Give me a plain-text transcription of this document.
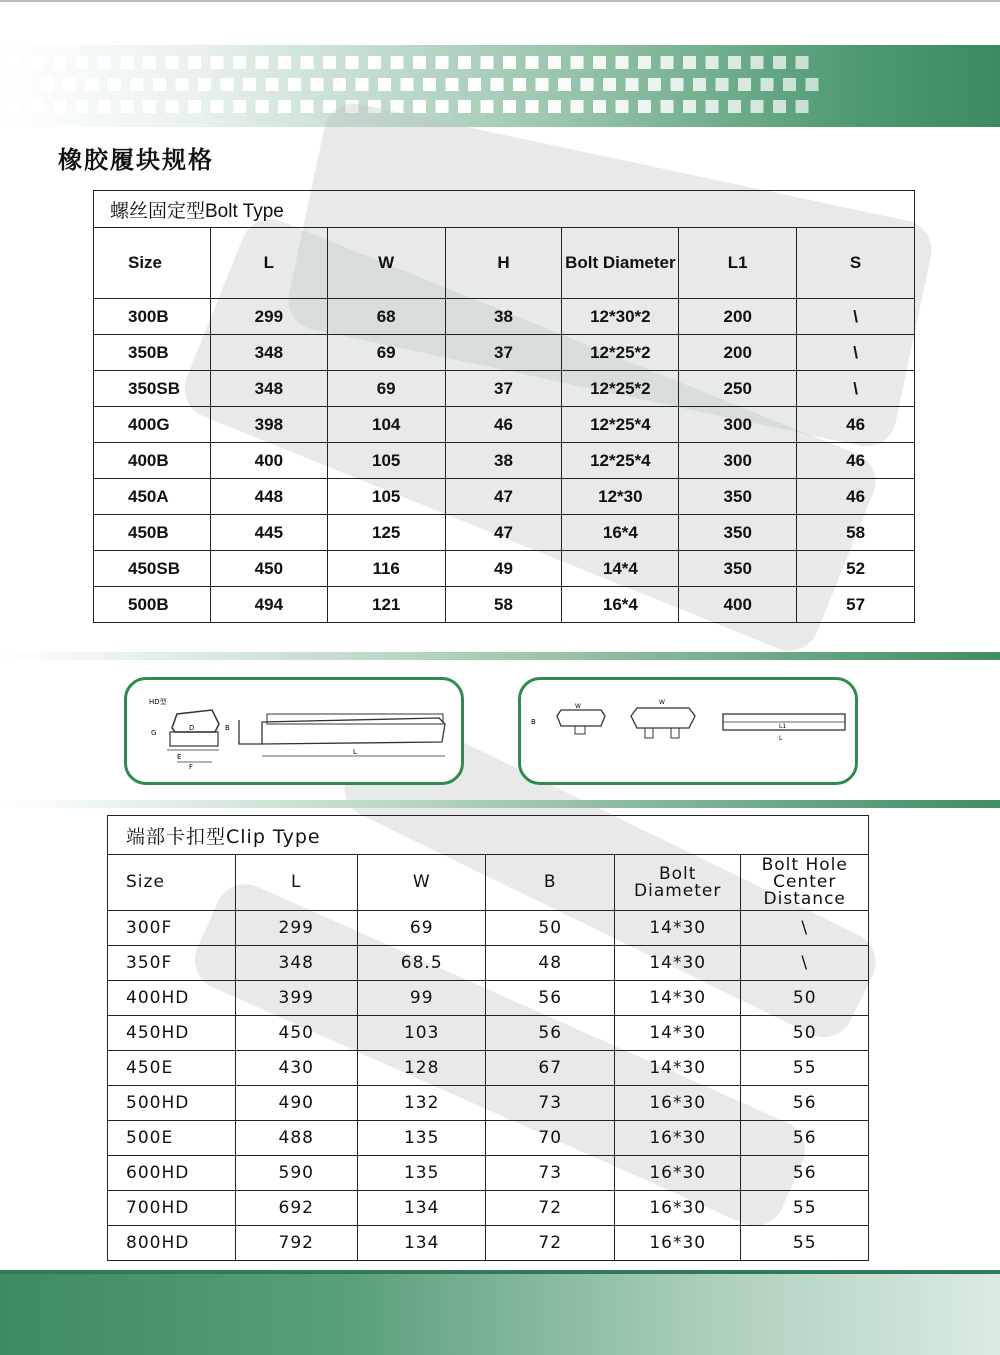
橡胶履块规格
螺丝固定型Bolt Type						
Size	L	W	H	Bolt Diameter	L1	S
300B	299	68	38	12*30*2	200	\
350B	348	69	37	12*25*2	200	\
350SB	348	69	37	12*25*2	250	\
400G	398	104	46	12*25*4	300	46
400B	400	105	38	12*25*4	300	46
450A	448	105	47	12*30	350	46
450B	445	125	47	16*4	350	58
450SB	450	116	49	14*4	350	52
500B	494	121	58	16*4	400	57
HD型
G
E
F
D	B
L
B
W
W
L1
L
端部卡扣型Clip Type					
Size	L	W	B	Bolt Diameter	Bolt Hole Center Distance
300F	299	69	50	14*30	\
350F	348	68.5	48	14*30	\
400HD	399	99	56	14*30	50
450HD	450	103	56	14*30	50
450E	430	128	67	14*30	55
500HD	490	132	73	16*30	56
500E	488	135	70	16*30	56
600HD	590	135	73	16*30	56
700HD	692	134	72	16*30	55
800HD	792	134	72	16*30	55
